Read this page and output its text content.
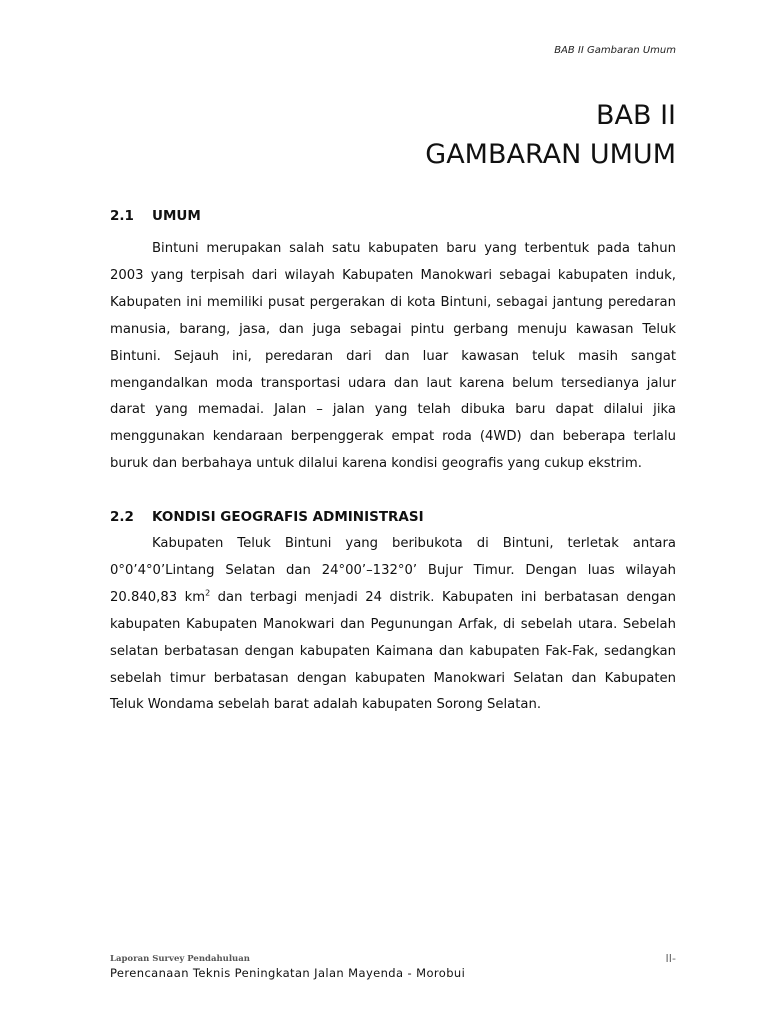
BAB II Gambaran Umum
BAB II
GAMBARAN UMUM
2.1 UMUM
Bintuni merupakan salah satu kabupaten baru yang terbentuk pada tahun 2003 yang terpisah dari wilayah Kabupaten Manokwari sebagai kabupaten induk, Kabupaten ini memiliki pusat pergerakan di kota Bintuni, sebagai jantung peredaran manusia, barang, jasa, dan juga sebagai pintu gerbang menuju kawasan Teluk Bintuni. Sejauh ini, peredaran dari dan luar kawasan teluk masih sangat mengandalkan moda transportasi udara dan laut karena belum tersedianya jalur darat yang memadai. Jalan – jalan yang telah dibuka baru dapat dilalui jika menggunakan kendaraan berpenggerak empat roda (4WD) dan beberapa terlalu buruk dan berbahaya untuk dilalui karena kondisi geografis yang cukup ekstrim.
2.2 KONDISI GEOGRAFIS ADMINISTRASI
Kabupaten Teluk Bintuni yang beribukota di Bintuni, terletak antara 0°0’4°0’Lintang Selatan dan 24°00’–132°0’ Bujur Timur. Dengan luas wilayah 20.840,83 $km^2$ dan terbagi menjadi 24 distrik. Kabupaten ini berbatasan dengan kabupaten Kabupaten Manokwari dan Pegunungan Arfak, di sebelah utara. Sebelah selatan berbatasan dengan kabupaten Kaimana dan kabupaten Fak-Fak, sedangkan sebelah timur berbatasan dengan kabupaten Manokwari Selatan dan Kabupaten Teluk Wondama sebelah barat adalah kabupaten Sorong Selatan.
Laporan Survey Pendahuluan
Perencanaan Teknis Peningkatan Jalan Mayenda - Morobui
II-
